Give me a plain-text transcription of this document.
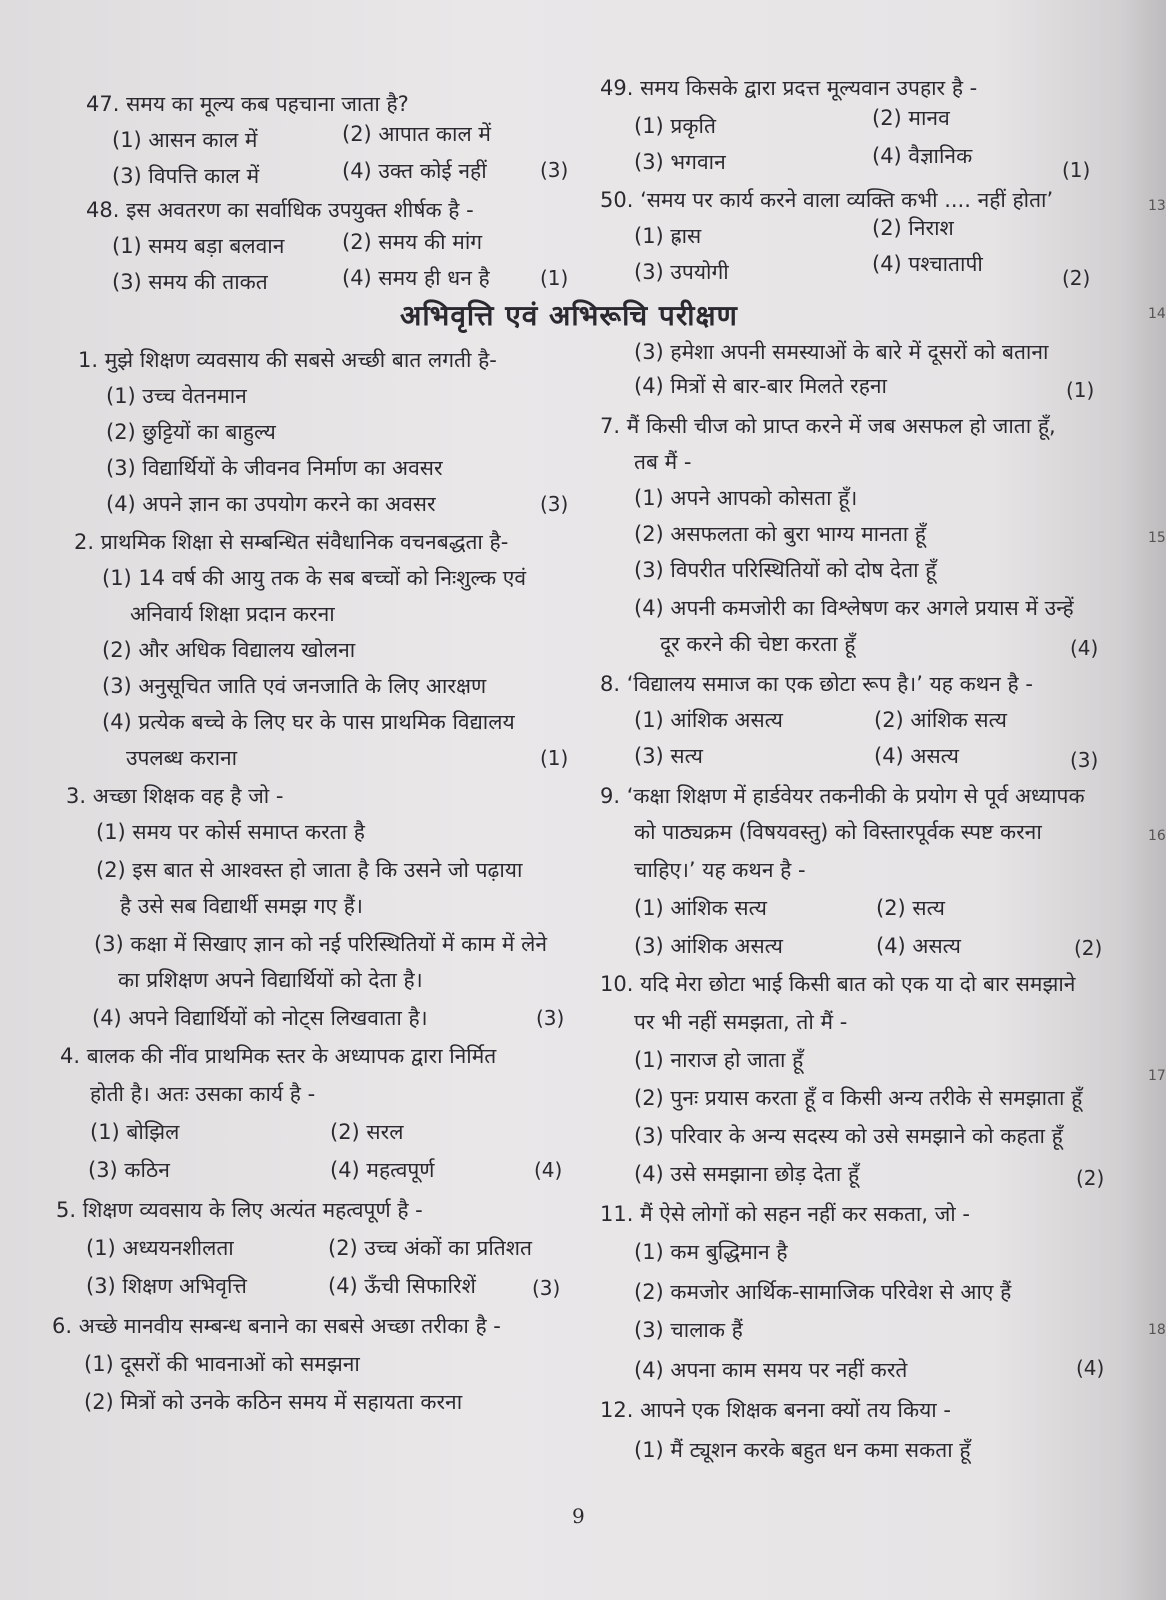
47. समय का मूल्य कब पहचाना जाता है?
(1) आसन काल में	(2) आपात काल में
(3) विपत्ति काल में	(4) उक्त कोई नहीं	(3)
48. इस अवतरण का सर्वाधिक उपयुक्त शीर्षक है -
(1) समय बड़ा बलवान	(2) समय की मांग
(3) समय की ताकत	(4) समय ही धन है	(1)
49. समय किसके द्वारा प्रदत्त मूल्यवान उपहार है -
(1) प्रकृति	(2) मानव
(3) भगवान	(4) वैज्ञानिक
(1)
50. ‘समय पर कार्य करने वाला व्यक्ति कभी .... नहीं होता’
(1) ह्रास	(2) निराश
(3) उपयोगी	(4) पश्चातापी
(2)
अभिवृत्ति एवं अभिरूचि परीक्षण
1. मुझे शिक्षण व्यवसाय की सबसे अच्छी बात लगती है-
(1) उच्च वेतनमान
(2) छुट्टियों का बाहुल्य
(3) विद्यार्थियों के जीवनव निर्माण का अवसर
(4) अपने ज्ञान का उपयोग करने का अवसर	(3)
2. प्राथमिक शिक्षा से सम्बन्धित संवैधानिक वचनबद्धता है-
(1) 14 वर्ष की आयु तक के सब बच्चों को निःशुल्क एवं
अनिवार्य शिक्षा प्रदान करना
(2) और अधिक विद्यालय खोलना
(3) अनुसूचित जाति एवं जनजाति के लिए आरक्षण
(4) प्रत्येक बच्चे के लिए घर के पास प्राथमिक विद्यालय
उपलब्ध कराना	(1)
3. अच्छा शिक्षक वह है जो -
(1) समय पर कोर्स समाप्त करता है
(2) इस बात से आश्वस्त हो जाता है कि उसने जो पढ़ाया
है उसे सब विद्यार्थी समझ गए हैं।
(3) कक्षा में सिखाए ज्ञान को नई परिस्थितियों में काम में लेने
का प्रशिक्षण अपने विद्यार्थियों को देता है।
(4) अपने विद्यार्थियों को नोट्स लिखवाता है।	(3)
4. बालक की नींव प्राथमिक स्तर के अध्यापक द्वारा निर्मित
होती है। अतः उसका कार्य है -
(1) बोझिल	(2) सरल
(3) कठिन	(4) महत्वपूर्ण	(4)
5. शिक्षण व्यवसाय के लिए अत्यंत महत्वपूर्ण है -
(1) अध्ययनशीलता	(2) उच्च अंकों का प्रतिशत
(3) शिक्षण अभिवृत्ति	(4) ऊँची सिफारिशें	(3)
6. अच्छे मानवीय सम्बन्ध बनाने का सबसे अच्छा तरीका है -
(1) दूसरों की भावनाओं को समझना
(2) मित्रों को उनके कठिन समय में सहायता करना
(3) हमेशा अपनी समस्याओं के बारे में दूसरों को बताना
(4) मित्रों से बार-बार मिलते रहना	(1)
7. मैं किसी चीज को प्राप्त करने में जब असफल हो जाता हूँ,
तब मैं -
(1) अपने आपको कोसता हूँ।
(2) असफलता को बुरा भाग्य मानता हूँ
(3) विपरीत परिस्थितियों को दोष देता हूँ
(4) अपनी कमजोरी का विश्लेषण कर अगले प्रयास में उन्हें
दूर करने की चेष्टा करता हूँ	(4)
8. ‘विद्यालय समाज का एक छोटा रूप है।’ यह कथन है -
(1) आंशिक असत्य	(2) आंशिक सत्य
(3) सत्य	(4) असत्य	(3)
9. ‘कक्षा शिक्षण में हार्डवेयर तकनीकी के प्रयोग से पूर्व अध्यापक
को पाठ्यक्रम (विषयवस्तु) को विस्तारपूर्वक स्पष्ट करना
चाहिए।’ यह कथन है -
(1) आंशिक सत्य	(2) सत्य
(3) आंशिक असत्य	(4) असत्य	(2)
10. यदि मेरा छोटा भाई किसी बात को एक या दो बार समझाने
पर भी नहीं समझता, तो मैं -
(1) नाराज हो जाता हूँ
(2) पुनः प्रयास करता हूँ व किसी अन्य तरीके से समझाता हूँ
(3) परिवार के अन्य सदस्य को उसे समझाने को कहता हूँ
(4) उसे समझाना छोड़ देता हूँ	(2)
11. मैं ऐसे लोगों को सहन नहीं कर सकता, जो -
(1) कम बुद्धिमान है
(2) कमजोर आर्थिक-सामाजिक परिवेश से आए हैं
(3) चालाक हैं
(4) अपना काम समय पर नहीं करते	(4)
12. आपने एक शिक्षक बनना क्यों तय किया -
(1) मैं ट्यूशन करके बहुत धन कमा सकता हूँ
9
13
14
15
16
17
18
